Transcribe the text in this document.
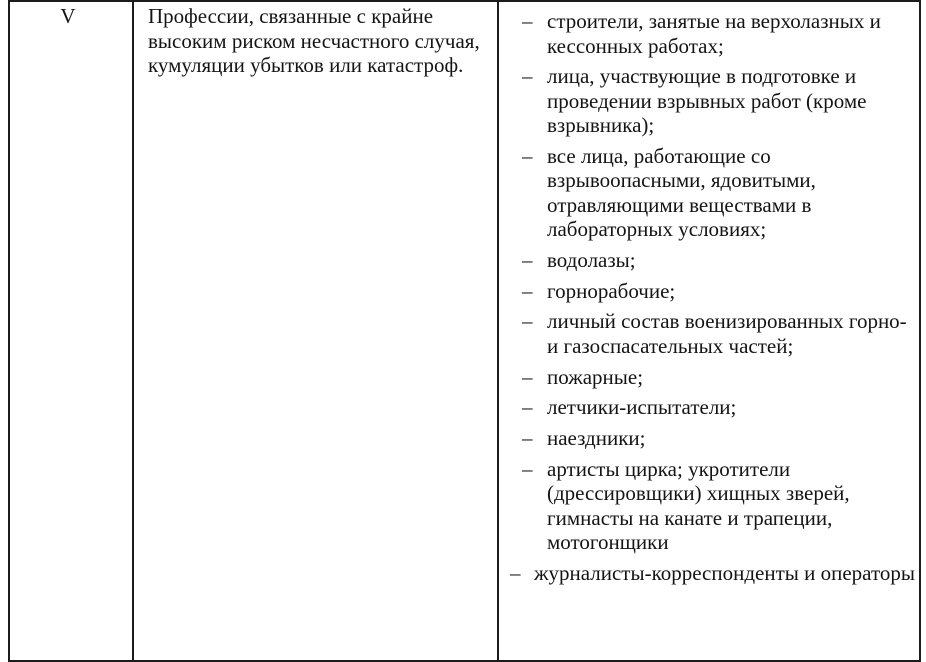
V	Профессии, связанные с крайне высоким риском несчастного случая, кумуляции убытков или катастроф.
– строители, занятые на верхолазных и кессонных работах;
– лица, участвующие в подготовке и проведении взрывных работ (кроме взрывника);
– все лица, работающие со взрывоопасными, ядовитыми, отравляющими веществами в лабораторных условиях;
– водолазы;
– горнорабочие;
– личный состав военизированных горно- и газоспасательных частей;
– пожарные;
– летчики-испытатели;
– наездники;
– артисты цирка; укротители (дрессировщики) хищных зверей, гимнасты на канате и трапеции, мотогонщики
– журналисты-корреспонденты и операторы
